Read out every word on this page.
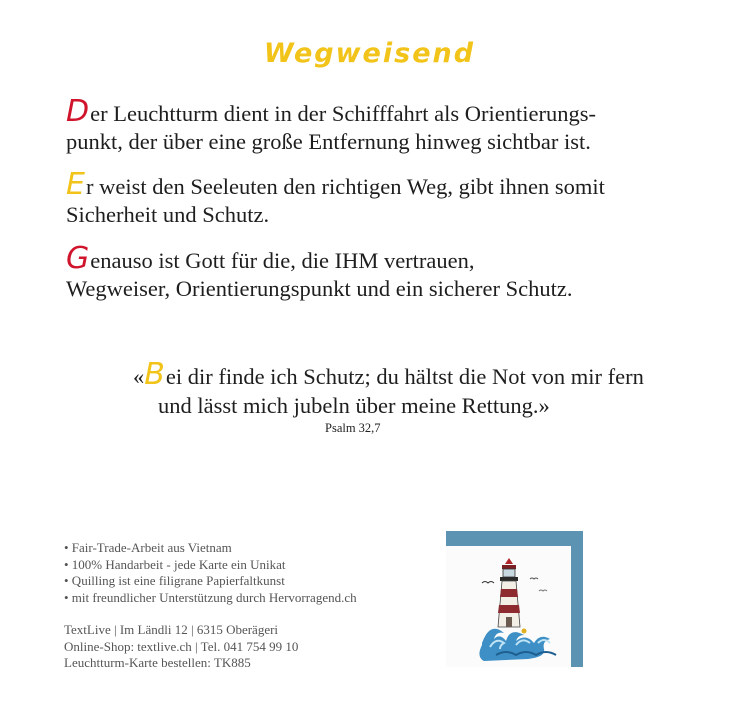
Wegweisend
Der Leuchtturm dient in der Schifffahrt als Orientierungs-
punkt, der über eine große Entfernung hinweg sichtbar ist.
Er weist den Seeleuten den richtigen Weg, gibt ihnen somit
Sicherheit und Schutz.
Genauso ist Gott für die, die IHM vertrauen,
Wegweiser, Orientierungspunkt und ein sicherer Schutz.
«Bei dir finde ich Schutz; du hältst die Not von mir fern
und lässt mich jubeln über meine Rettung.»
Psalm 32,7
• Fair-Trade-Arbeit aus Vietnam
• 100% Handarbeit - jede Karte ein Unikat
• Quilling ist eine filigrane Papierfaltkunst
• mit freundlicher Unterstützung durch Hervorragend.ch
TextLive | Im Ländli 12 | 6315 Oberägeri
Online-Shop: textlive.ch | Tel. 041 754 99 10
Leuchtturm-Karte bestellen: TK885
